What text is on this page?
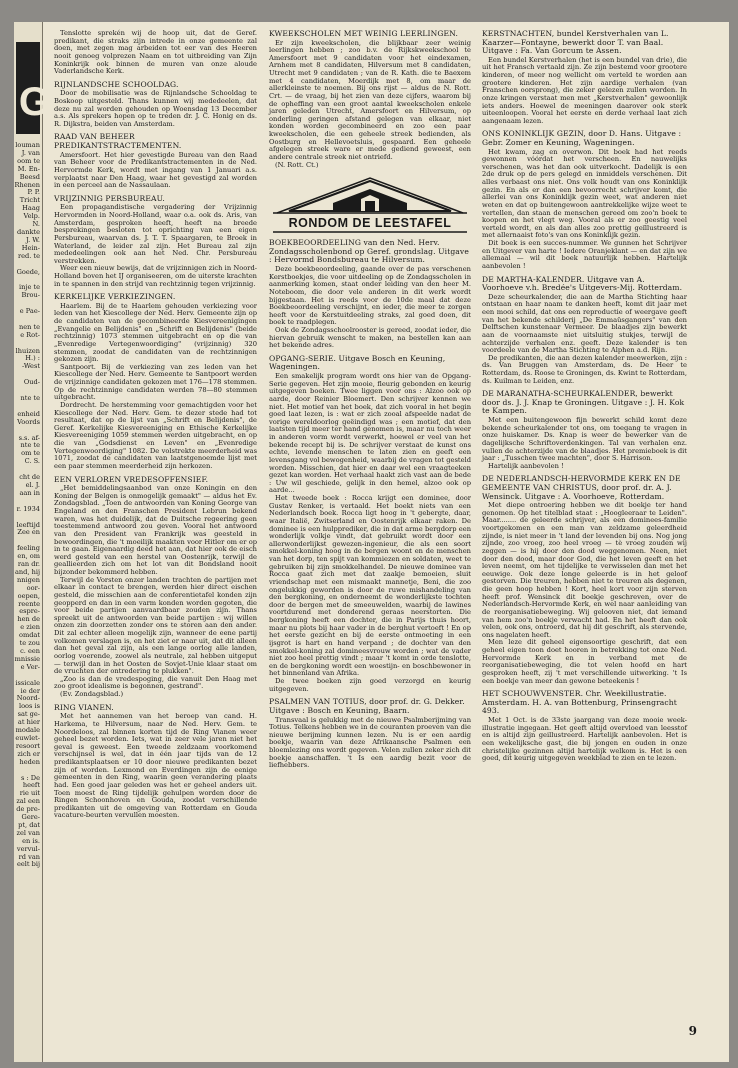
G
louman
J. van
oom te
M. En-
Beesd
Rhenen
P. P.
Tricht
Haag
Velp.
N.
dankte
J. W.
Hein-
red. te

Goede,

inje te
Brou-

e Pae-

nen te
e Rot-

lhuizen
H.) :
-West

Oud-

nte te

enheid
Voords

s.s. af-
nte te
om te
C. S.

cht de
el. J.
aan in

r. 1934

leeftijd
Zee en

feeling
en, om
ran dr.
and, hij
nnigen
oor-
oepen,
reente
espre-
hen de
e zien
omdat
te zou
c. een
mnissie
e Ver-

issicale
ie der
Noord-
loos is
sat ge-
at hier
modale
euwlet-
resoort
zich er
heden

s : De
heeft
rie uit
zal een
de pre-
Gere-
pt, dat
zel van
en is.
vervul-
rd van
eelt bij

Tenslotte sprekén wij de hoop uit, dat de Geref. predikant, die straks zijn intrede in onze gemeente zal doen, met zegen mag arbeiden tot eer van des Heeren nooit genoeg volprezen Naam en tot uitbreiding van Zijn Koninkrijk ook binnen de muren van onze aloude Vaderlandsche Kerk.

RIJNLANDSCHE SCHOOLDAG.

Door de mobilisatie was de Rijnlandsche Schooldag te Boskoop uitgesteld. Thans kunnen wij mededeelen, dat deze nu zal worden gehouden op Woensdag 13 December a.s. Als sprekers hopen op te treden dr. J. C. Honig en ds. R. Dijkstra, beiden van Amsterdam.

RAAD VAN BEHEER PREDIKANTSTRACTEMENTEN.

Amersfoort. Het hier gevestigde Bureau van den Raad van Beheer voor de Predikantstractementen in de Ned. Hervormde Kerk, wordt met ingang van 1 Januari a.s. verplaatst naar Den Haag, waar het gevestigd zal worden in een perceel aan de Nassaulaan.

VRIJZINNIG PERSBUREAU.

Een propagandistische vergadering der Vrijzinnig Hervormden in Noord-Holland, waar o.a. ook ds. Aris, van Amsterdam, gesproken heeft, heeft na breede besprekingen besloten tot oprichting van een eigen Persbureau, waarvan ds. J. T. T. Spaargaren, te Broek in Waterland, de leider zal zijn. Het Bureau zal zijn mededeelingen ook aan het Ned. Chr. Persbureau verstrekken.

Weer een nieuw bewijs, dat de vrijzinnigen zich in Noord-Holland boven het IJ organiseeren, om de uiterste krachten in te spannen in den strijd van rechtzinnig tegen vrijzinnig.

KERKELIJKE VERKIEZINGEN.

Haarlem. Bij de te Haarlem gehouden verkiezing voor leden van het Kiescollege der Ned. Herv. Gemeente zijn op de candidaten van de gecombineerde Kiesvereenigingen „Evangelie en Belijdenis" en „Schrift en Belijdenis" (beide rechtzinnig) 1073 stemmen uitgebracht en op die van „Evenredige Vertegenwoordiging" (vrijzinnig) 320 stemmen, zoodat de candidaten van de rechtzinnigen gekozen zijn.

Santpoort. Bij de verkiezing van zes leden van het Kiescollege der Ned. Herv. Gemeente te Santpoort werden de vrijzinnige candidaten gekozen met 176—178 stemmen. Op de rechtzinnige candidaten werden 78—80 stemmen uitgebracht.

Dordrecht. De herstemming voor gemachtigden voor het Kiescollege der Ned. Herv. Gem. te dezer stede had tot resultaat, dat op de lijst van „Schrift en Belijdenis", de Geref. Kerkelijke Kiesvereeniging en Ethische Kerkelijke Kiesvereeniging 1059 stemmen werden uitgebracht, en op die van „Godsdienst en Leven" en „Evenredige Vertegenwoordiging" 1082. De volstrekte meerderheid was 1071, zoodat de candidaten van laatstgenoemde lijst met een paar stemmen meerderheid zijn herkozen.

EEN VERLOREN VREDESOFFENSIEF.

„Het bemiddelingsaanbod van onze Koningin en den Koning der Belgen is onmogelijk gemaakt" — aldus het Ev. Zondagsblad. „Toen de antwoorden van Koning George van Engeland en den Franschen President Lebrun bekend waren, was het duidelijk, dat de Duitsche regeering geen toestemmend antwoord zou geven. Vooral het antwoord van den President van Frankrijk was geesteld in bewoordingen, die 't moeilijk maakten voor Hitler om er op in te gaan. Eigenaardig deed het aan, dat hier ook de eisch werd gesteld van een herstel van Oostenrijk, terwijl de geallieerden zich om het lot van dit Bondsland nooit bijzonder bekommerd hebben.

Terwijl de Vorsten onzer landen trachten de partijen met elkaar in contact te brengen, werden hier direct eischen gesteld, die misschien aan de conferentietafel konden zijn geopperd en dan in een varm konden worden gegoten, die voor beide partijen aanvaardbaar zouden zijn. Thans spreekt uit de antwoorden van beide partijen : wij willen onzen zin doorzetten zonder ons te storen aan den ander. Dit zal echter alleen mogelijk zijn, wanneer de eene partij volkomen verslagen is, en het ziet er naar uit, dat dit alleen dan het geval zal zijn, als een lange oorlog alle landen, oorlog voerende, zoowel als neutrale, zal hebben uitgeput — terwijl dan in het Oosten de Sovjet-Unie klaar staat om de vruchten der ontredering te plukken".

„Zoo is dan de vredespoging, die vanuit Den Haag met zoo groot idealisme is begonnen, gestrand".

(Ev. Zondagsblad.)

RING VIANEN.

Met het aannemen van het beroep van cand. H. Harkema, te Hilversum, naar de Ned. Herv. Gem. te Noordeloos, zal binnen korten tijd de Ring Vianen weer geheel bezet worden. Iets, wat in zeer vele jaren niet het geval is geweest. Een tweede zeldzaam voorkomend verschijnsel is wel, dat in één jaar tijds van de 12 predikantsplaatsen er 10 door nieuwe predikanten bezet zijn of worden. Lexmond en Everdingen zijn de eenige gemeenten in den Ring, waarin geen verandering plaats had. Een goed jaar geleden was het er geheel anders uit. Toen moest de Ring tijdelijk gehulpen worden door de Ringen Schoonhoven en Gouda, zoodat verschillende predikanten uit de omgeving van Rotterdam en Gouda vacature-beurten vervullen moesten.

KWEEKSCHOLEN MET WEINIG LEERLINGEN.

Er zijn kweekscholen, die blijkbaar zeer weinig leerlingen hebben ; zoo b.v. de Rijkskweekschool te Amersfoort met 9 candidaten voor het eindexamen, Arnhem met 8 candidaten, Hilversum met 8 candidaten, Utrecht met 9 candidaten ; van de R. Kath. die te Baexem met 4 candidaten, Moerdijk met 8, om maar de allerkleinste te noemen. Bij ons rijst — aldus de N. Rott. Crt. — de vraag, bij het zien van deze cijfers, waarom bij de opheffing van een groot aantal kweekscholen enkele jaren geleden Utrecht, Amersfoort en Hilversum, op onderling geringen afstand gelegen van elkaar, niet konden worden gecombineerd en zoo een paar kweekscholen, die een geheele streek bedienden, als Oostburg en Hellevoetsluis, gespaard. Een geheele afgelegen streek ware er mede gediend geweest, een andere centrale streek niet ontriefd.

(N. Rott. Ct.)

RONDOM DE LEESTAFEL
BOEKBEOORDEELING van den Ned. Herv. Zondagsscholenbond op Geref. grondslag. Uitgave : Hervormd Bondsbureau te Hilversum.

Deze boekbeoordeeling, gaande over de pas verschenen Kerstboekjes, die voor uitdeeling op de Zondagsscholen in aanmerking komen, staat onder leiding van den heer M. Noteboom, die door vele anderen in dit werk wordt bijgestaan. Het is reeds voor de 10de maal dat deze Boekbeoordeeling verschijnt, en ieder, die meer te zorgen heeft voor de Kerstuitdeeling straks, zal goed doen, dit boek te raadplegen.

Ook de Zondagsschoolrooster is gereed, zoodat ieder, die hiervan gebruik wenscht te maken, na bestellen kan aan het bekende adres.

OPGANG-SERIE. Uitgave Bosch en Keuning, Wageningen.

Een smakelijk program wordt ons hier van de Opgang-Serie gegeven. Het zijn mooie, fleurig gebonden en keurig uitgegeven boeken. Twee liggen voor ons : Alzoo ook op aarde, door Reinier Bloemert. Den schrijver kennen we niet. Het motief van het boek, dat zich vooral in het begin goed laat lezen, is : wat er zich zooal afspeelde nadat de vorige wereldoorlog geëindigd was ; een motief, dat den laatsten tijd meer ter hand genomen is, maar nu toch weer in anderen vorm wordt verwerkt, hoewel er veel van het bekende recept bij is. De schrijver verstaat de kunst ons echte, levende menschen te laten zien en geeft een levensgang vol bewogenheid, waarbij de vragen tot gesteld worden. Misschien, dat hier en daar wel een vraagteeken gezet kan worden. Het verhaal haakt zich vast aan de bede : Uw wil geschiede, gelijk in den hemel, alzoo ook op aarde...

Het tweede boek : Rocca krijgt een dominee, door Gustav Renker, is vertaald. Het boekt niets van een Nederlandsch boek. Rocca ligt hoog in 't gebergte, daar, waar Italië, Zwitserland en Oostenrijk elkaar raken. De dominee is een hulpprediker, die in dat arme bergdorp een wonderlijk volkje vindt, dat gebruikt wordt door een allerwonderlijkst gewezen-ingenieur, die als een soort smokkel-koning hoog in de bergen woont en de menschen van het dorp, ten spijt van kommiezen en soldaten, weet te gebruiken bij zijn smokkelhandel. De nieuwe dominee van Rocca gaat zich met dat zaakje bemoeien, sluit vriendschap met een mismaakt mannetje, Beni, die zoo ongelukkig geworden is door de ruwe mishandeling van den bergkoning, en onderneemt de wonderlijkste tochten door de bergen met de smeeuwelden, waarbij de lawines voortdurend met donderend geraas neerstorten. Die bergkoning heeft een dochter, die in Parijs thuis hoort, maar nu plots bij haar vader in de berghut vertoeft ! En op het eerste gezicht en bij de eerste ontmoeting in een ijsgrot is hart en hand verpand ; de dochter van den smokkel-koning zal domineesvrouw worden ; wat de vader niet zoo heel prettig vindt ; maar 't komt in orde tenslotte, en de bergkoning wordt een woestijn- en boschbewoner in het binnenland van Afrika.

De twee boeken zijn goed verzorgd en keurig uitgegeven.

PSALMEN VAN TOTIUS, door prof. dr. G. Dekker. Uitgave : Bosch en Keuning, Baarn.

Transvaal is gelukkig met de nieuwe Psalmberijming van Totius. Telkens hebben we in de couranten proeven van die nieuwe berijming kunnen lezen. Nu is er een aardig boekje, waarin van deze Afrikaansche Psalmen een bloemlezing ons wordt gegeven. Velen zullen zeker zich dit boekje aanschaffen. 't Is een aardig bezit voor de liefhebbers.

KERSTNACHTEN, bundel Kerstverhalen van L. Kaarzer—Fontayne, bewerkt door T. van Baal. Uitgave : Fa. Van Gorcum te Assen.

Een bundel Kerstverhalen (het is een bundel van drie), die uit het Fransch vertaald zijn. Ze zijn bestemd voor grootere kinderen, of meer nog wellicht om verteld te worden aan grootere kinderen. Het zijn aardige verhalen (van Franschen oorsprong), die zeker gelezen zullen worden. In onze kringen verstaat men met „Kerstverhalen" gewoonlijk iets anders. Hoewel de meeningen daarover ook sterk uiteenloopen. Vooral het eerste en derde verhaal laat zich aangenaam lezen.

ONS KONINKLIJK GEZIN, door D. Hans. Uitgave : Gebr. Zomer en Keuning, Wageningen.

Het kwam, zag en overwon. Dit boek had het reeds gewonnen vóórdat het verscheen. En nauwelijks verschenen, was het dan ook uitverkocht. Dadelijk is een 2de druk op de pers gelegd en inmiddels verschenen. Dit alles verbaast ons niet. Ons volk houdt van ons Koninklijk gezin. En als er dan een bevoorrecht schrijver komt, die allerlei van ons Koninklijk gezin weet, wat anderen niet weten en dat op buitengewoon aantrekkelijke wijze weet te vertellen, dan staan de menschen gereed om zoo'n boek te koopen en het vlegt weg. Vooral als er zoo geestig veel verteld wordt, en als dan alles zoo prettig geïllustreerd is met allernaaist foto's van ons Koninklijk gezin.

Dit boek is een succes-nummer. We gunnen het Schrijver en Uitgever van harte ! Iedere Oranjeklant — en dat zijn we allemaal — wil dit boek natuurlijk hebben. Hartelijk aanbevolen !

DE MARTHA-KALENDER. Uitgave van A. Voorhoeve v.h. Bredée's Uitgevers-Mij. Rotterdam.

Deze scheurkalender, die aan de Martha Stichting haar ontstaan en haar naam te danken heeft, komt dit jaar met een mooi schild, dat ons een reproductie of weergave geeft van het bekende schilderij „De Emmaüsgangers" van den Delftschen kunstenaar Vermeer. De blaadjes zijn bewerkt aan de voornaamste niet uitsluitig stukjes, terwijl de achterzijde verhalen enz. geeft. Deze kalender is ten voordeele van de Martha Stichting te Alphen a.d. Rijn.

De predikanten, die aan dezen kalender meewerken, zijn : ds. Van Bruggen van Amsterdam, ds. De Heer te Rotterdam, ds. Roose te Groningen, ds. Kwint te Rotterdam, ds. Kuilman te Leiden, enz.

DE MARANATHA-SCHEURKALENDER, bewerkt door ds. J. J. Knap te Groningen. Uitgave : J. H. Kok te Kampen.

Met een buitengewoon fijn bewerkt schild komt deze bekende scheurkalender tot ons, om toegang te vragen in onze huiskamer. Ds. Knap is weer de bewerker van de dagelijksche Schriftoverdenkingen. Tal van verhalen enz. vullen de achterzijde van de blaadjes. Het premieboek is dit jaar : „Tusschen twee machten", door S. Harrison.

Hartelijk aanbevolen !

DE NEDERLANDSCH-HERVORMDE KERK EN DE GEMEENTE VAN CHRISTUS, door prof. dr. A. J. Wensinck. Uitgave : A. Voorhoeve, Rotterdam.

Met diepe ontroering hebben we dit boekje ter hand genomen. Op het titelblad staat : „Hoogleeraar te Leiden". Maar........ de geleerde schrijver, als een dominees-familie voortgekomen en een man van zeldzame geleerdheid zijnde, is niet meer in 't land der levenden bij ons. Nog jong zijnde, zoo vroeg, zoo heel vroeg — tè vroeg zouden wij zeggen — is hij door den dood weggenomen. Neen, niet door den dood, maar door God, die het leven geeft en het leven neemt, om het tijdelijke te verwisselen dan met het eeuwige. Ook deze longe geleerde is in het geloof gestorven. Die treuren, hebben niet te treuren als degenen, die geen hoop hebben ! Kort, heel kort voor zijn sterven heeft prof. Wensinck dit boekje geschreven, over de Nederlandsch-Hervormde Kerk, en wel naar aanleiding van de reorganisatiebeweging. Wij gelooven niet, dat iemand van hem zoo'n boekje verwacht had. En het heeft dan ook velen, ook ons, ontroerd, dat hij dit geschrift, als stervende, ons nagelaten heeft.

Men leze dit geheel eigensoortige geschrift, dat een geheel eigen toon doet hooren in betrekking tot onze Ned. Hervormde Kerk en in verband met de reorganisatiebeweging, die tot velen hoofd en hart gesproken heeft, zij 't met verschillende uitwerking. 't Is een boekje van meer dan gewone beteekenis !

HET SCHOUWVENSTER. Chr. Weekillustratie. Amsterdam. H. A. van Bottenburg, Prinsengracht 493.

Met 1 Oct. is de 33ste jaargang van deze mooie week-illustratie ingegaan. Het geeft altijd overvloed van leesstof en is altijd zijn geillustreerd. Hartelijk aanbevolen. Het is een wekelijksche gast, die bij jongen en ouden in onze christelijke gezinnen altijd hartelijk welkom is. Het is een goed, dit keurig uitgegeven weekblad te zien en te lezen.

9
